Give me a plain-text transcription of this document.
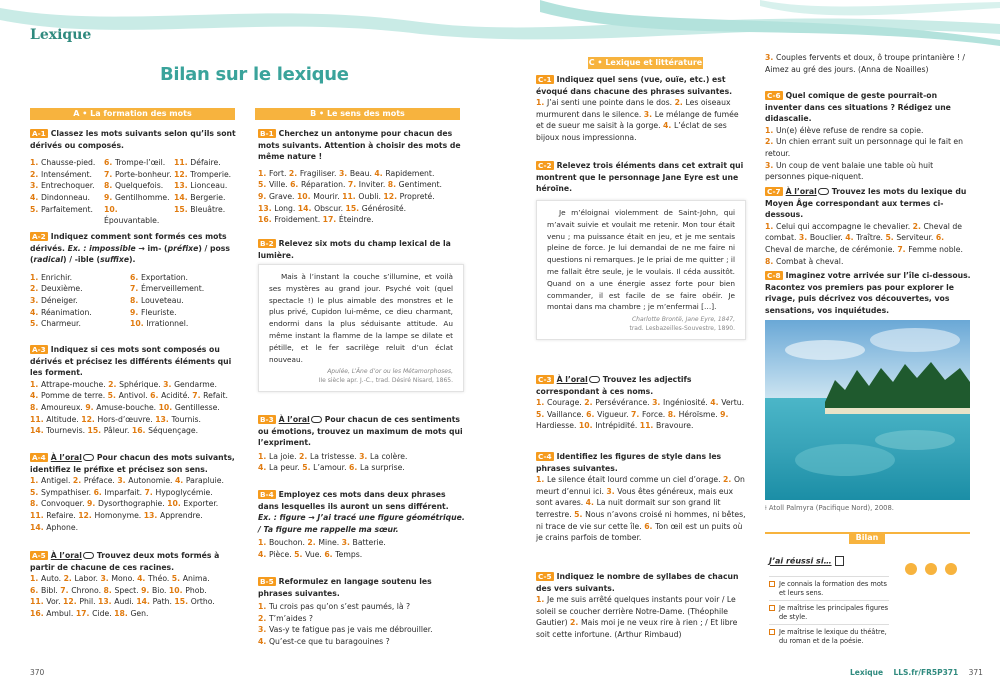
Lexique
Bilan sur le lexique
A • La formation des mots	B • Le sens des mots
A-1 Classez les mots suivants selon qu’ils sont dérivés ou composés.
1. Chausse-pied.
2. Intensément.
3. Entrechoquer.
4. Dindonneau.
5. Parfaitement.
6. Trompe-l’œil.
7. Porte-bonheur.
8. Quelquefois.
9. Gentilhomme.
10. Épouvantable.
11. Défaire.
12. Tromperie.
13. Lionceau.
14. Bergerie.
15. Bleuâtre.
A-2 Indiquez comment sont formés ces mots dérivés. Ex. : impossible → im- (préfixe) / poss (radical) / -ible (suffixe).
1. Enrichir.
2. Deuxième.
3. Déneiger.
4. Réanimation.
5. Charmeur.
6. Exportation.
7. Émerveillement.
8. Louveteau.
9. Fleuriste.
10. Irrationnel.
A-3 Indiquez si ces mots sont composés ou dérivés et précisez les différents éléments qui les forment.
1. Attrape-mouche. 2. Sphérique. 3. Gendarme.
4. Pomme de terre. 5. Antivol. 6. Acidité. 7. Refait.
8. Amoureux. 9. Amuse-bouche. 10. Gentillesse.
11. Altitude. 12. Hors-d’œuvre. 13. Tournis.
14. Tournevis. 15. Pâleur. 16. Séquençage.
A-4 À l’oral Pour chacun des mots suivants, identifiez le préfixe et précisez son sens.
1. Antigel. 2. Préface. 3. Autonomie. 4. Parapluie.
5. Sympathiser. 6. Imparfait. 7. Hypoglycémie.
8. Convoquer. 9. Dysorthographie. 10. Exporter.
11. Refaire. 12. Homonyme. 13. Apprendre.
14. Aphone.
A-5 À l’oral Trouvez deux mots formés à partir de chacune de ces racines.
1. Auto. 2. Labor. 3. Mono. 4. Théo. 5. Anima.
6. Bibl. 7. Chrono. 8. Spect. 9. Bio. 10. Phob.
11. Vor. 12. Phil. 13. Audi. 14. Path. 15. Ortho.
16. Ambul. 17. Cide. 18. Gen.
B-1 Cherchez un antonyme pour chacun des mots suivants. Attention à choisir des mots de même nature !
1. Fort. 2. Fragiliser. 3. Beau. 4. Rapidement.
5. Ville. 6. Réparation. 7. Inviter. 8. Gentiment.
9. Grave. 10. Mourir. 11. Oubli. 12. Propreté.
13. Long. 14. Obscur. 15. Générosité.
16. Froidement. 17. Éteindre.
B-2 Relevez six mots du champ lexical de la lumière.
Mais à l’instant la couche s’illumine, et voilà ses mystères au grand jour. Psyché voit (quel spectacle !) le plus aimable des monstres et le plus privé, Cupidon lui-même, ce dieu charmant, endormi dans la plus séduisante attitude. Au même instant la flamme de la lampe se dilate et pétille, et le fer sacrilège reluit d’un éclat nouveau.
Apulée, L’Âne d’or ou les Métamorphoses,
IIe siècle apr. J.-C., trad. Désiré Nisard, 1865.
B-3 À l’oral Pour chacun de ces sentiments ou émotions, trouvez un maximum de mots qui l’expriment.
1. La joie. 2. La tristesse. 3. La colère.
4. La peur. 5. L’amour. 6. La surprise.
B-4 Employez ces mots dans deux phrases dans lesquelles ils auront un sens différent.
Ex. : figure → J’ai tracé une figure géométrique. / Ta figure me rappelle ma sœur.
1. Bouchon. 2. Mine. 3. Batterie.
4. Pièce. 5. Vue. 6. Temps.
B-5 Reformulez en langage soutenu les phrases suivantes.
1. Tu crois pas qu’on s’est paumés, là ?
2. T’m’aides ?
3. Vas-y te fatigue pas je vais me débrouiller.
4. Qu’est-ce que tu baragouines ?
370
C • Lexique et littérature
C-1 Indiquez quel sens (vue, ouïe, etc.) est évoqué dans chacune des phrases suivantes.
1. J’ai senti une pointe dans le dos. 2. Les oiseaux murmurent dans le silence. 3. Le mélange de fumée et de sueur me saisit à la gorge. 4. L’éclat de ses bijoux nous impressionna.
C-2 Relevez trois éléments dans cet extrait qui montrent que le personnage Jane Eyre est une héroïne.
Je m’éloignai violemment de Saint-John, qui m’avait suivie et voulait me retenir. Mon tour était venu ; ma puissance était en jeu, et je me sentais pleine de force. Je lui demandai de ne me faire ni questions ni remarques. Je le priai de me quitter ; il me fallait être seule, je le voulais. Il céda aussitôt. Quand on a une énergie assez forte pour bien commander, il est facile de se faire obéir. Je montai dans ma chambre ; je m’enfermai […].
Charlotte Brontë, Jane Eyre, 1847,
trad. Lesbazeilles-Souvestre, 1890.
C-3 À l’oral Trouvez les adjectifs correspondant à ces noms.
1. Courage. 2. Persévérance. 3. Ingéniosité. 4. Vertu. 5. Vaillance. 6. Vigueur. 7. Force. 8. Héroïsme. 9. Hardiesse. 10. Intrépidité. 11. Bravoure.
C-4 Identifiez les figures de style dans les phrases suivantes.
1. Le silence était lourd comme un ciel d’orage. 2. On meurt d’ennui ici. 3. Vous êtes généreux, mais eux sont avares. 4. La nuit dormait sur son grand lit terrestre. 5. Nous n’avons croisé ni hommes, ni bêtes, ni trace de vie sur cette île. 6. Ton œil est un puits où je crains parfois de tomber.
C-5 Indiquez le nombre de syllabes de chacun des vers suivants.
1. Je me suis arrêté quelques instants pour voir / Le soleil se coucher derrière Notre-Dame. (Théophile Gautier) 2. Mais moi je ne veux rire à rien ; / Et libre soit cette infortune. (Arthur Rimbaud)
3. Couples fervents et doux, ô troupe printanière ! / Aimez au gré des jours. (Anna de Noailles)
C-6 Quel comique de geste pourrait-on inventer dans ces situations ? Rédigez une didascalie.
1. Un(e) élève refuse de rendre sa copie.
2. Un chien errant suit un personnage qui le fait en retour.
3. Un coup de vent balaie une table où huit personnes pique-niquent.
C-7 À l’oral Trouvez les mots du lexique du Moyen Âge correspondant aux termes ci-dessous.
1. Celui qui accompagne le chevalier. 2. Cheval de combat. 3. Bouclier. 4. Traître. 5. Serviteur. 6. Cheval de marche, de cérémonie. 7. Femme noble. 8. Combat à cheval.
C-8 Imaginez votre arrivée sur l’île ci-dessous. Racontez vos premiers pas pour explorer le rivage, puis décrivez vos découvertes, vos sensations, vos inquiétudes.
⍿ Atoll Palmyra (Pacifique Nord), 2008.
Bilan
J’ai réussi si…
Je connais la formation des mots et leurs sens.
Je maîtrise les principales figures de style.
Je maîtrise le lexique du théâtre, du roman et de la poésie.
Lexique LLS.fr/FR5P371 371
